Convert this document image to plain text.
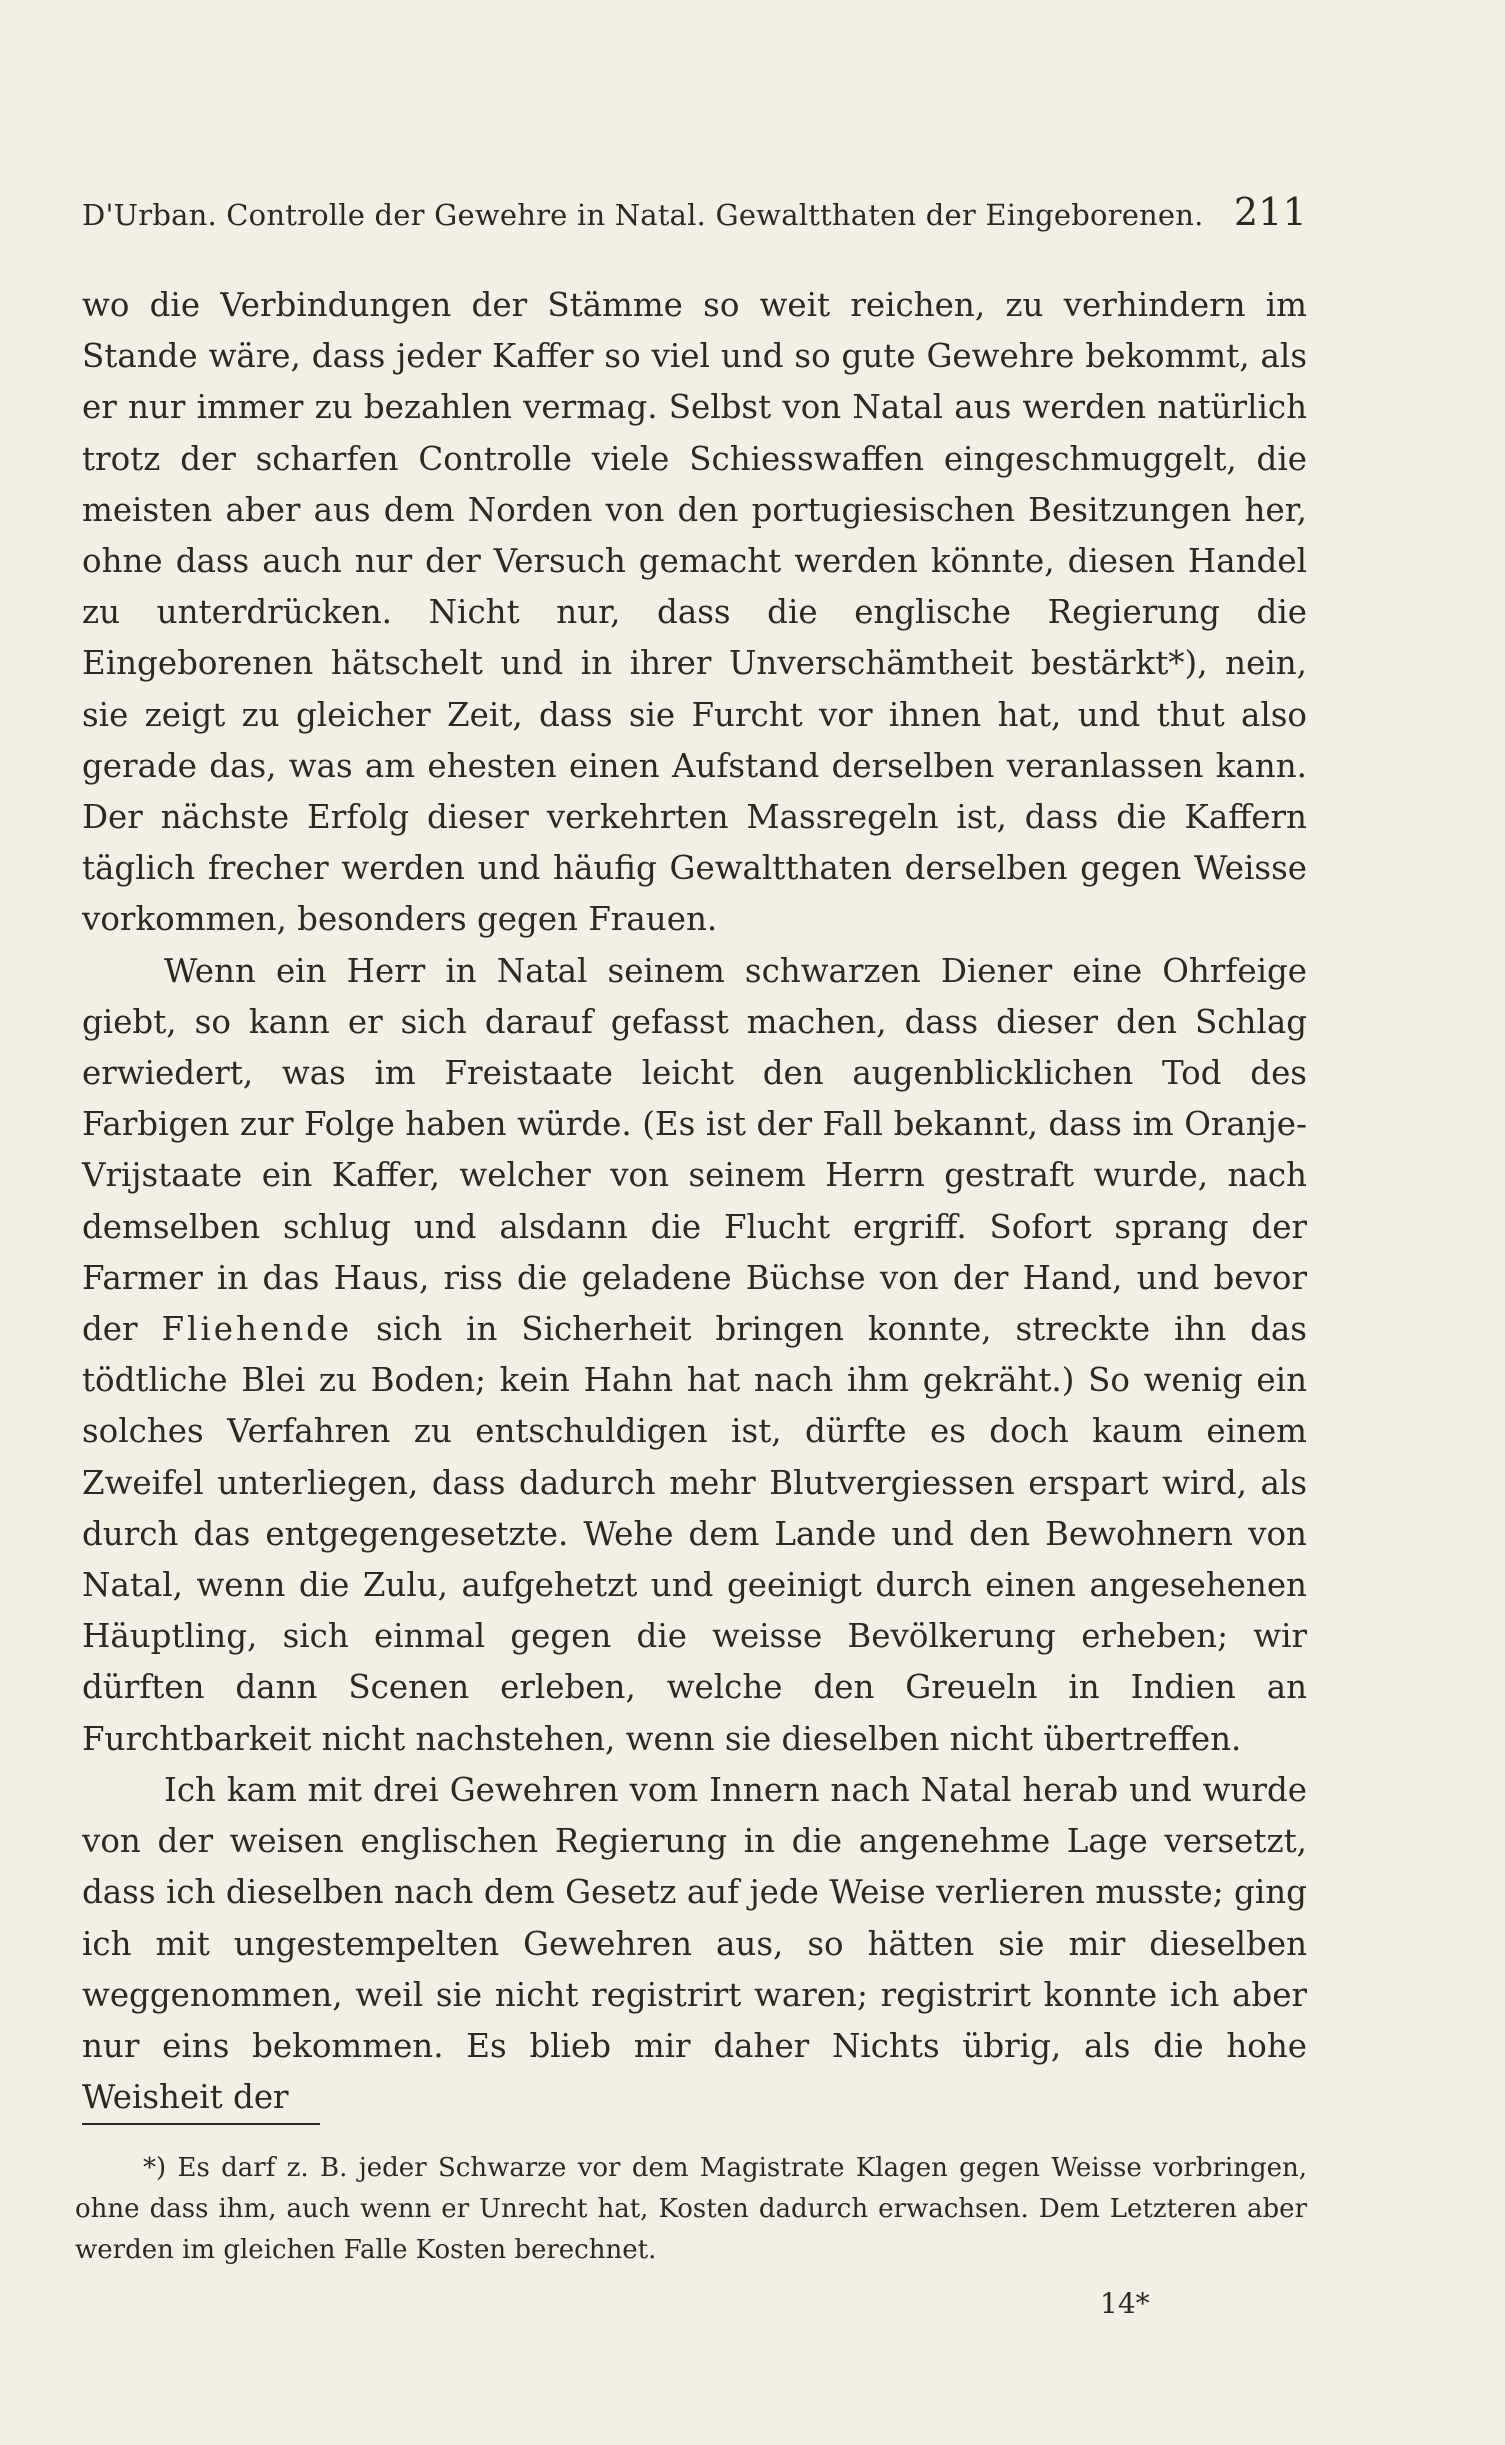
D'Urban. Controlle der Gewehre in Natal. Gewaltthaten der Eingeborenen. 211

wo die Verbindungen der Stämme so weit reichen, zu verhindern im Stande wäre, dass jeder Kaffer so viel und so gute Gewehre bekommt, als er nur immer zu bezahlen vermag. Selbst von Natal aus werden natürlich trotz der scharfen Controlle viele Schiesswaffen eingeschmuggelt, die meisten aber aus dem Norden von den portugiesischen Besitzungen her, ohne dass auch nur der Versuch gemacht werden könnte, diesen Handel zu unterdrücken. Nicht nur, dass die englische Regierung die Eingeborenen hätschelt und in ihrer Unverschämtheit bestärkt*), nein, sie zeigt zu gleicher Zeit, dass sie Furcht vor ihnen hat, und thut also gerade das, was am ehesten einen Aufstand derselben veranlassen kann. Der nächste Erfolg dieser verkehrten Massregeln ist, dass die Kaffern täglich frecher werden und häufig Gewaltthaten derselben gegen Weisse vorkommen, besonders gegen Frauen.

Wenn ein Herr in Natal seinem schwarzen Diener eine Ohrfeige giebt, so kann er sich darauf gefasst machen, dass dieser den Schlag erwiedert, was im Freistaate leicht den augenblicklichen Tod des Farbigen zur Folge haben würde. (Es ist der Fall bekannt, dass im Oranje-Vrijstaate ein Kaffer, welcher von seinem Herrn gestraft wurde, nach demselben schlug und alsdann die Flucht ergriff. Sofort sprang der Farmer in das Haus, riss die geladene Büchse von der Hand, und bevor der Fliehende sich in Sicherheit bringen konnte, streckte ihn das tödtliche Blei zu Boden; kein Hahn hat nach ihm gekräht.) So wenig ein solches Verfahren zu entschuldigen ist, dürfte es doch kaum einem Zweifel unterliegen, dass dadurch mehr Blutvergiessen erspart wird, als durch das entgegengesetzte. Wehe dem Lande und den Bewohnern von Natal, wenn die Zulu, aufgehetzt und geeinigt durch einen angesehenen Häuptling, sich einmal gegen die weisse Bevölkerung erheben; wir dürften dann Scenen erleben, welche den Greueln in Indien an Furchtbarkeit nicht nachstehen, wenn sie dieselben nicht übertreffen.

Ich kam mit drei Gewehren vom Innern nach Natal herab und wurde von der weisen englischen Regierung in die angenehme Lage versetzt, dass ich dieselben nach dem Gesetz auf jede Weise verlieren musste; ging ich mit ungestempelten Gewehren aus, so hätten sie mir dieselben weggenommen, weil sie nicht registrirt waren; registrirt konnte ich aber nur eins bekommen. Es blieb mir daher Nichts übrig, als die hohe Weisheit der

*) Es darf z. B. jeder Schwarze vor dem Magistrate Klagen gegen Weisse vorbringen, ohne dass ihm, auch wenn er Unrecht hat, Kosten dadurch erwachsen. Dem Letzteren aber werden im gleichen Falle Kosten berechnet.

14*
